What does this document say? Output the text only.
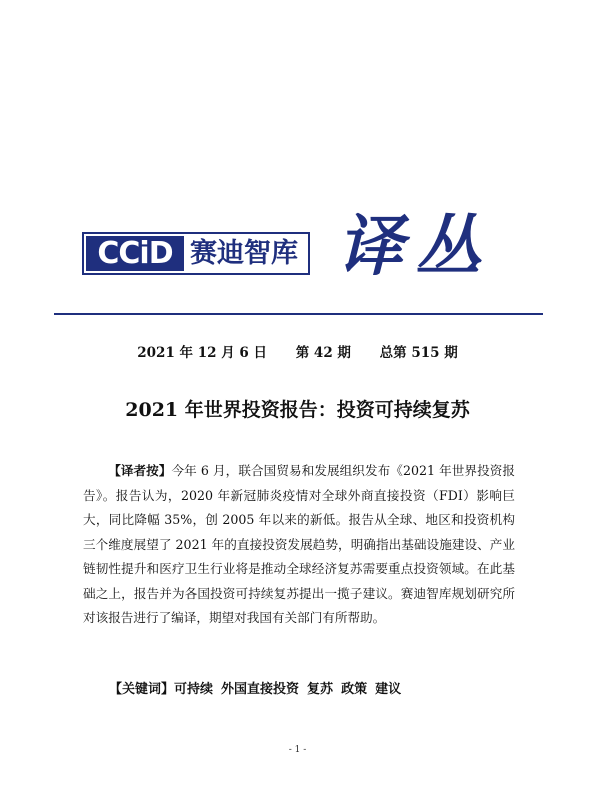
CCiD 赛迪智库 译丛
2021 年 12 月 6 日 第 42 期 总第 515 期
2021 年世界投资报告：投资可持续复苏
【译者按】今年 6 月，联合国贸易和发展组织发布《2021 年世界投资报告》。报告认为，2020 年新冠肺炎疫情对全球外商直接投资（FDI）影响巨大，同比降幅 35%，创 2005 年以来的新低。报告从全球、地区和投资机构三个维度展望了 2021 年的直接投资发展趋势，明确指出基础设施建设、产业链韧性提升和医疗卫生行业将是推动全球经济复苏需要重点投资领域。在此基础之上，报告并为各国投资可持续复苏提出一揽子建议。赛迪智库规划研究所对该报告进行了编译，期望对我国有关部门有所帮助。
【关键词】可持续 外国直接投资 复苏 政策 建议
- 1 -
